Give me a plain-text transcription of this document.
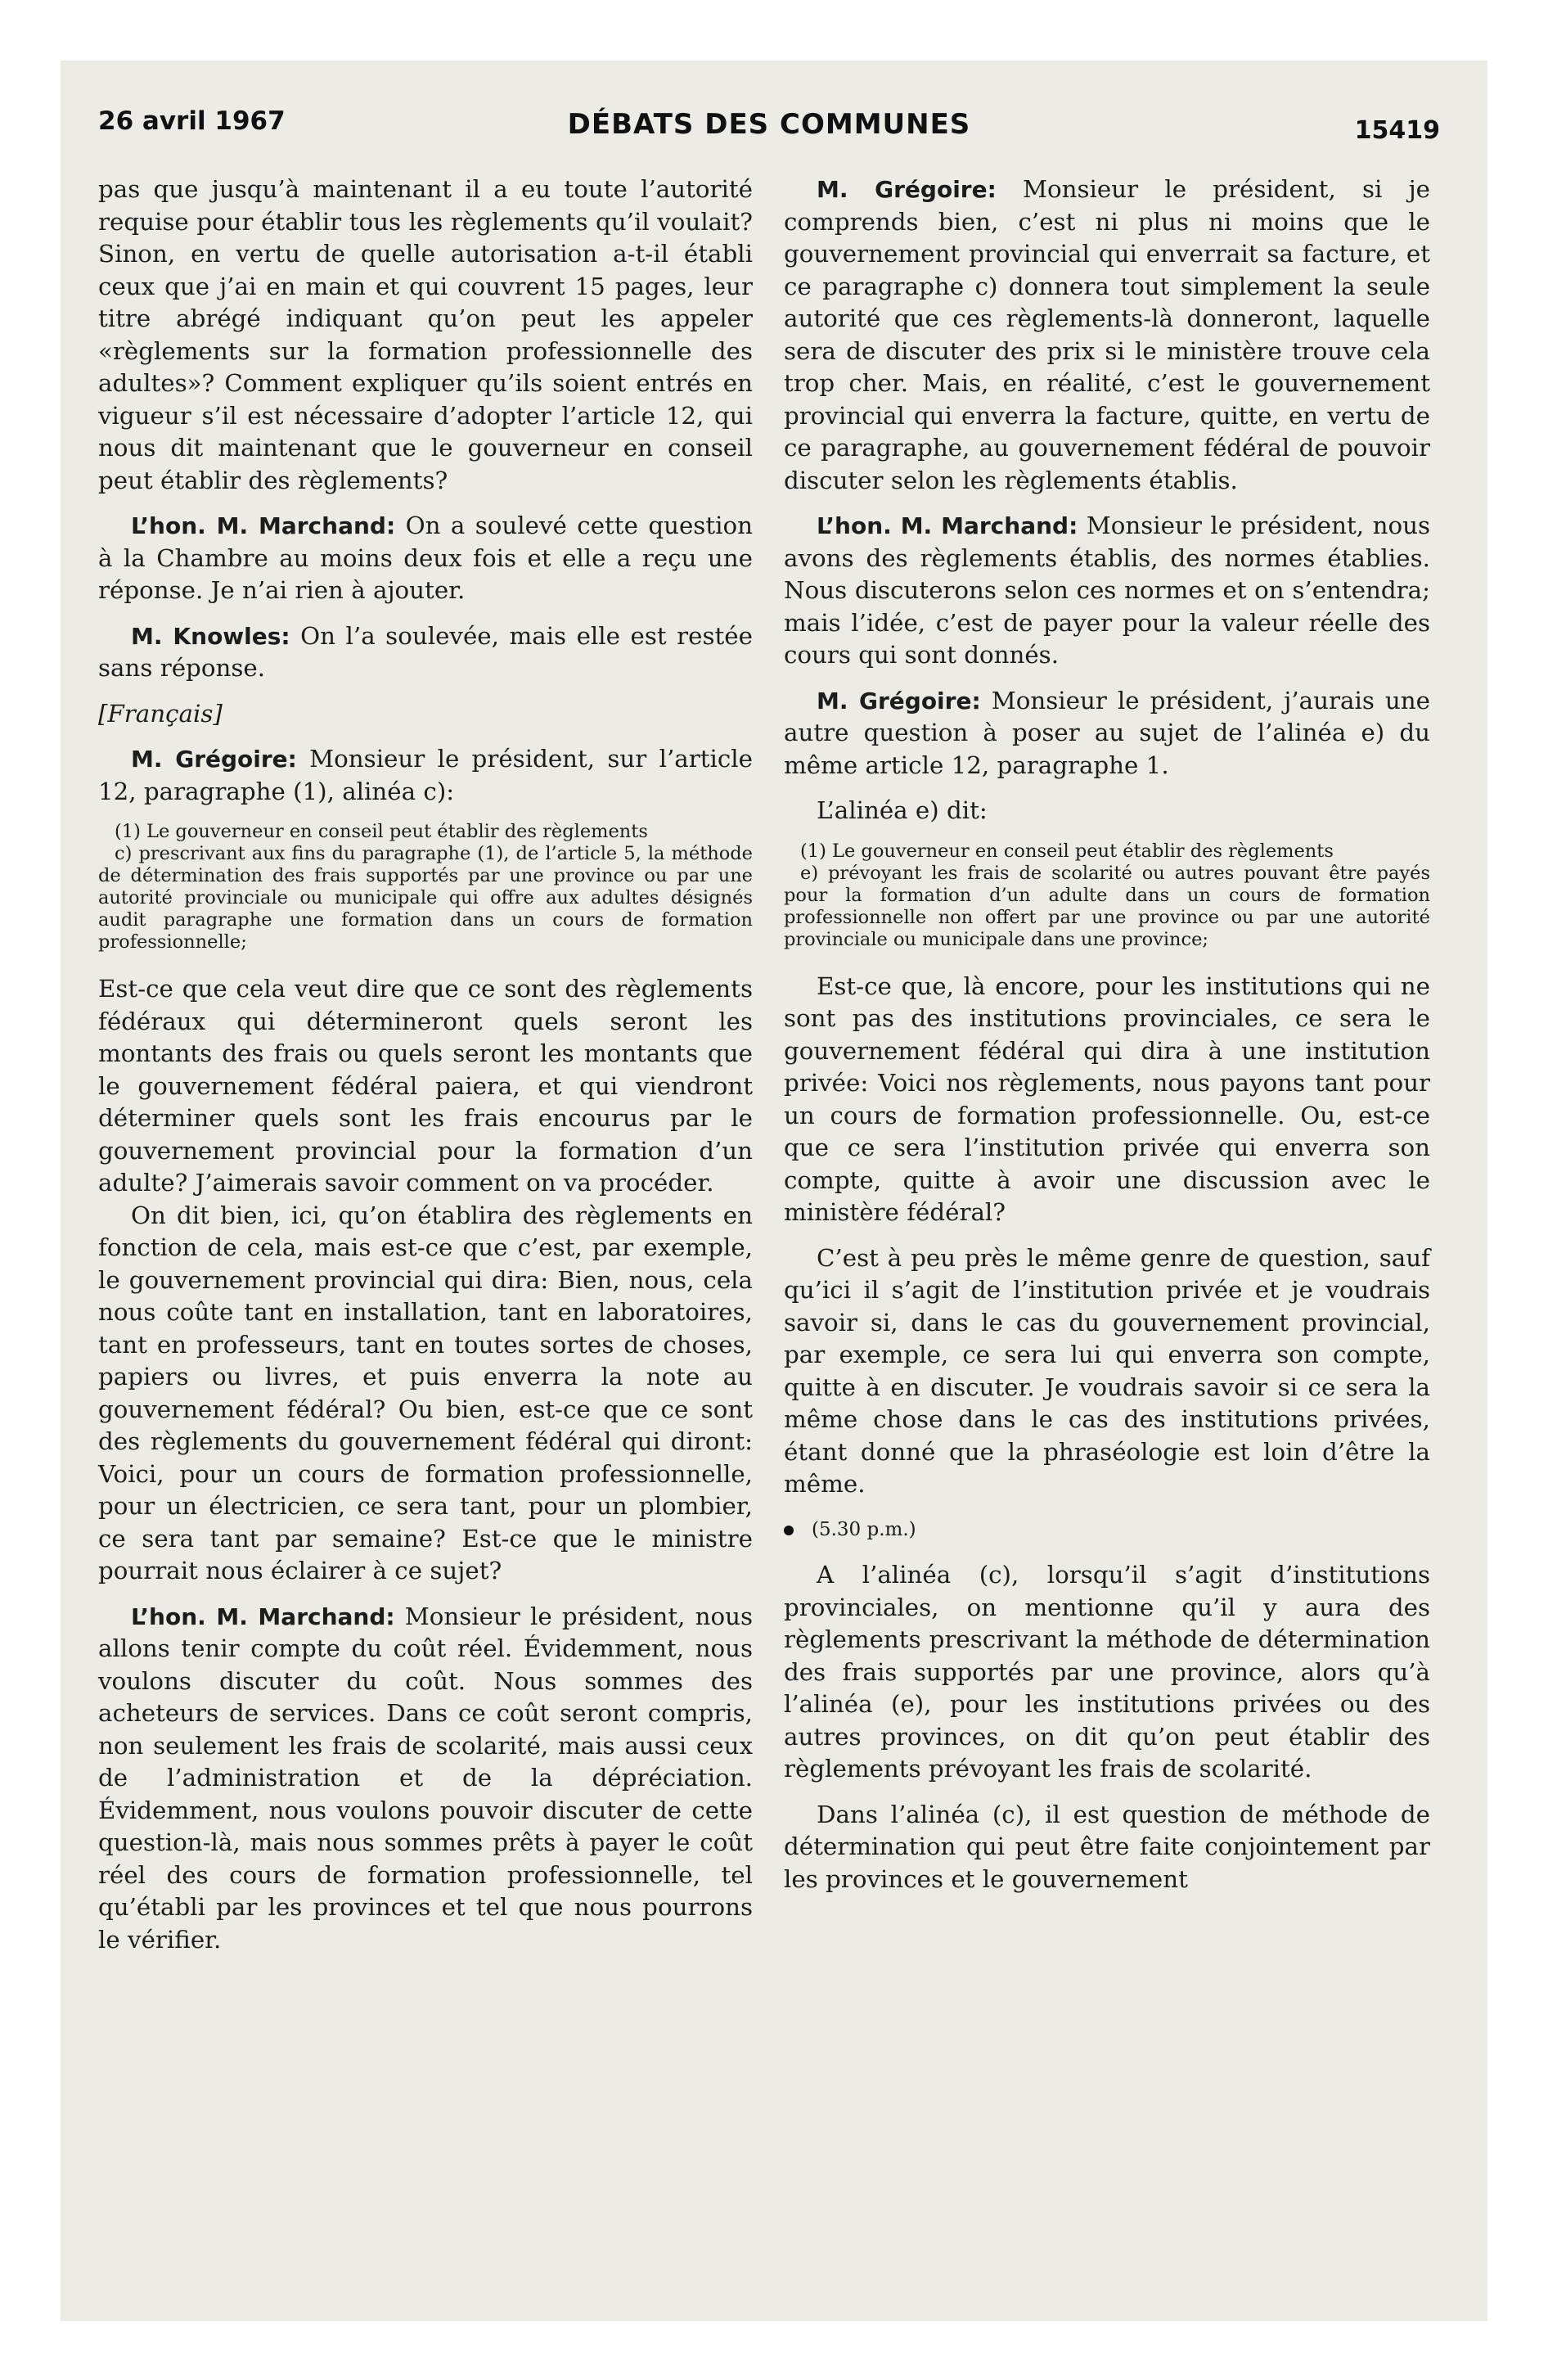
26 avril 1967	DÉBATS DES COMMUNES	15419

pas que jusqu’à maintenant il a eu toute l’autorité requise pour établir tous les règlements qu’il voulait? Sinon, en vertu de quelle autorisation a-t-il établi ceux que j’ai en main et qui couvrent 15 pages, leur titre abrégé indiquant qu’on peut les appeler «règlements sur la formation professionnelle des adultes»? Comment expliquer qu’ils soient entrés en vigueur s’il est nécessaire d’adopter l’article 12, qui nous dit maintenant que le gouverneur en conseil peut établir des règlements?

L’hon. M. Marchand: On a soulevé cette question à la Chambre au moins deux fois et elle a reçu une réponse. Je n’ai rien à ajouter.

M. Knowles: On l’a soulevée, mais elle est restée sans réponse.

[Français]

M. Grégoire: Monsieur le président, sur l’article 12, paragraphe (1), alinéa c):

(1) Le gouverneur en conseil peut établir des règlements

c) prescrivant aux fins du paragraphe (1), de l’article 5, la méthode de détermination des frais supportés par une province ou par une autorité provinciale ou municipale qui offre aux adultes désignés audit paragraphe une formation dans un cours de formation professionnelle;

Est-ce que cela veut dire que ce sont des règlements fédéraux qui détermineront quels seront les montants des frais ou quels seront les montants que le gouvernement fédéral paiera, et qui viendront déterminer quels sont les frais encourus par le gouvernement provincial pour la formation d’un adulte? J’aimerais savoir comment on va procéder.

On dit bien, ici, qu’on établira des règlements en fonction de cela, mais est-ce que c’est, par exemple, le gouvernement provincial qui dira: Bien, nous, cela nous coûte tant en installation, tant en laboratoires, tant en professeurs, tant en toutes sortes de choses, papiers ou livres, et puis enverra la note au gouvernement fédéral? Ou bien, est-ce que ce sont des règlements du gouvernement fédéral qui diront: Voici, pour un cours de formation professionnelle, pour un électricien, ce sera tant, pour un plombier, ce sera tant par semaine? Est-ce que le ministre pourrait nous éclairer à ce sujet?

L’hon. M. Marchand: Monsieur le président, nous allons tenir compte du coût réel. Évidemment, nous voulons discuter du coût. Nous sommes des acheteurs de services. Dans ce coût seront compris, non seulement les frais de scolarité, mais aussi ceux de l’administration et de la dépréciation. Évidemment, nous voulons pouvoir discuter de cette question-là, mais nous sommes prêts à payer le coût réel des cours de formation professionnelle, tel qu’établi par les provinces et tel que nous pourrons le vérifier.

M. Grégoire: Monsieur le président, si je comprends bien, c’est ni plus ni moins que le gouvernement provincial qui enverrait sa facture, et ce paragraphe c) donnera tout simplement la seule autorité que ces règlements-là donneront, laquelle sera de discuter des prix si le ministère trouve cela trop cher. Mais, en réalité, c’est le gouvernement provincial qui enverra la facture, quitte, en vertu de ce paragraphe, au gouvernement fédéral de pouvoir discuter selon les règlements établis.

L’hon. M. Marchand: Monsieur le président, nous avons des règlements établis, des normes établies. Nous discuterons selon ces normes et on s’entendra; mais l’idée, c’est de payer pour la valeur réelle des cours qui sont donnés.

M. Grégoire: Monsieur le président, j’aurais une autre question à poser au sujet de l’alinéa e) du même article 12, paragraphe 1.

L’alinéa e) dit:

(1) Le gouverneur en conseil peut établir des règlements

e) prévoyant les frais de scolarité ou autres pouvant être payés pour la formation d’un adulte dans un cours de formation professionnelle non offert par une province ou par une autorité provinciale ou municipale dans une province;

Est-ce que, là encore, pour les institutions qui ne sont pas des institutions provinciales, ce sera le gouvernement fédéral qui dira à une institution privée: Voici nos règlements, nous payons tant pour un cours de formation professionnelle. Ou, est-ce que ce sera l’institution privée qui enverra son compte, quitte à avoir une discussion avec le ministère fédéral?

C’est à peu près le même genre de question, sauf qu’ici il s’agit de l’institution privée et je voudrais savoir si, dans le cas du gouvernement provincial, par exemple, ce sera lui qui enverra son compte, quitte à en discuter. Je voudrais savoir si ce sera la même chose dans le cas des institutions privées, étant donné que la phraséologie est loin d’être la même.

(5.30 p.m.)

A l’alinéa (c), lorsqu’il s’agit d’institutions provinciales, on mentionne qu’il y aura des règlements prescrivant la méthode de détermination des frais supportés par une province, alors qu’à l’alinéa (e), pour les institutions privées ou des autres provinces, on dit qu’on peut établir des règlements prévoyant les frais de scolarité.

Dans l’alinéa (c), il est question de méthode de détermination qui peut être faite conjointement par les provinces et le gouvernement
